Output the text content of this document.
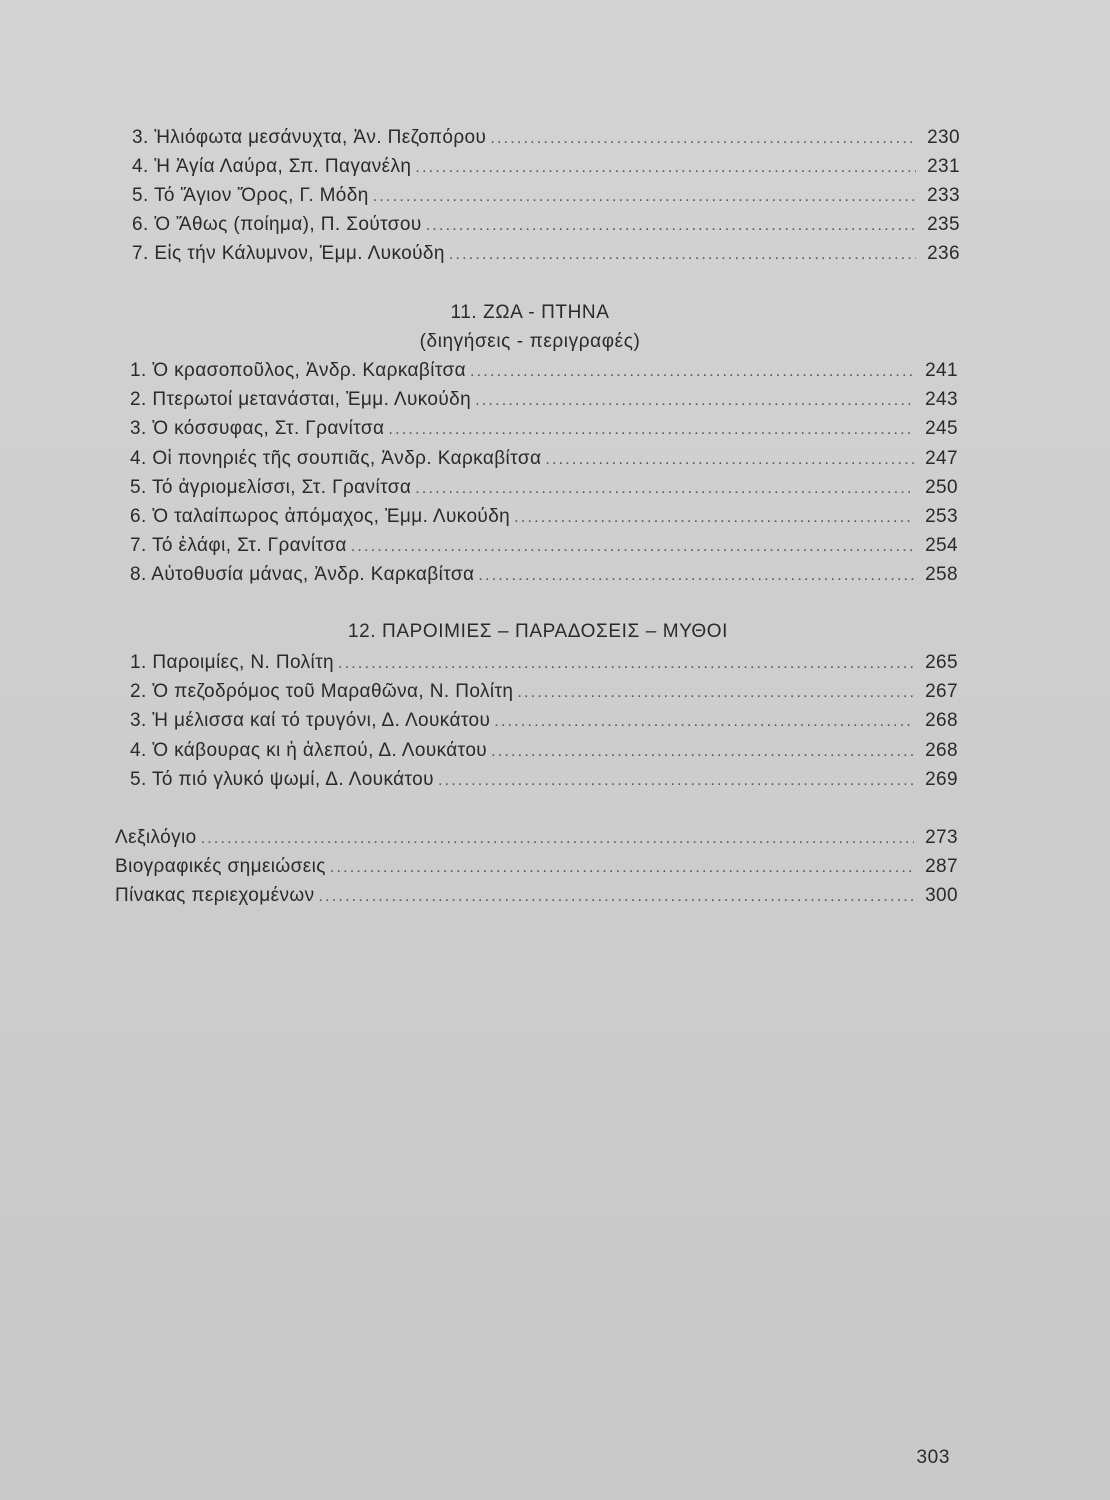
3. Ἡλιόφωτα μεσάνυχτα, Ἀν. Πεζοπόρου .....	230
4. Ἡ Ἁγία Λαύρα, Σπ. Παγανέλη .....	231
5. Τό Ἅγιον Ὄρος, Γ. Μόδη .....	233
6. Ὁ Ἄθως (ποίημα), Π. Σούτσου .....	235
7. Εἰς τήν Κάλυμνον, Ἐμμ. Λυκούδη .....	236
11. ΖΩΑ - ΠΤΗΝΑ
(διηγήσεις - περιγραφές)
1. Ὁ κρασοποῦλος, Ἀνδρ. Καρκαβίτσα .....	241
2. Πτερωτοί μετανάσται, Ἐμμ. Λυκούδη .....	243
3. Ὁ κόσσυφας, Στ. Γρανίτσα .....	245
4. Οἱ πονηριές τῆς σουπιᾶς, Ἀνδρ. Καρκαβίτσα .....	247
5. Τό ἀγριομελίσσι, Στ. Γρανίτσα .....	250
6. Ὁ ταλαίπωρος ἀπόμαχος, Ἐμμ. Λυκούδη .....	253
7. Τό ἐλάφι, Στ. Γρανίτσα .....	254
8. Αὐτοθυσία μάνας, Ἀνδρ. Καρκαβίτσα .....	258
12. ΠΑΡΟΙΜΙΕΣ – ΠΑΡΑΔΟΣΕΙΣ – ΜΥΘΟΙ
1. Παροιμίες, Ν. Πολίτη .....	265
2. Ὁ πεζοδρόμος τοῦ Μαραθῶνα, Ν. Πολίτη .....	267
3. Ἡ μέλισσα καί τό τρυγόνι, Δ. Λουκάτου .....	268
4. Ὁ κάβουρας κι ἡ ἀλεπού, Δ. Λουκάτου .....	268
5. Τό πιό γλυκό ψωμί, Δ. Λουκάτου .....	269
Λεξιλόγιο .....	273
Βιογραφικές σημειώσεις .....	287
Πίνακας περιεχομένων .....	300
303
